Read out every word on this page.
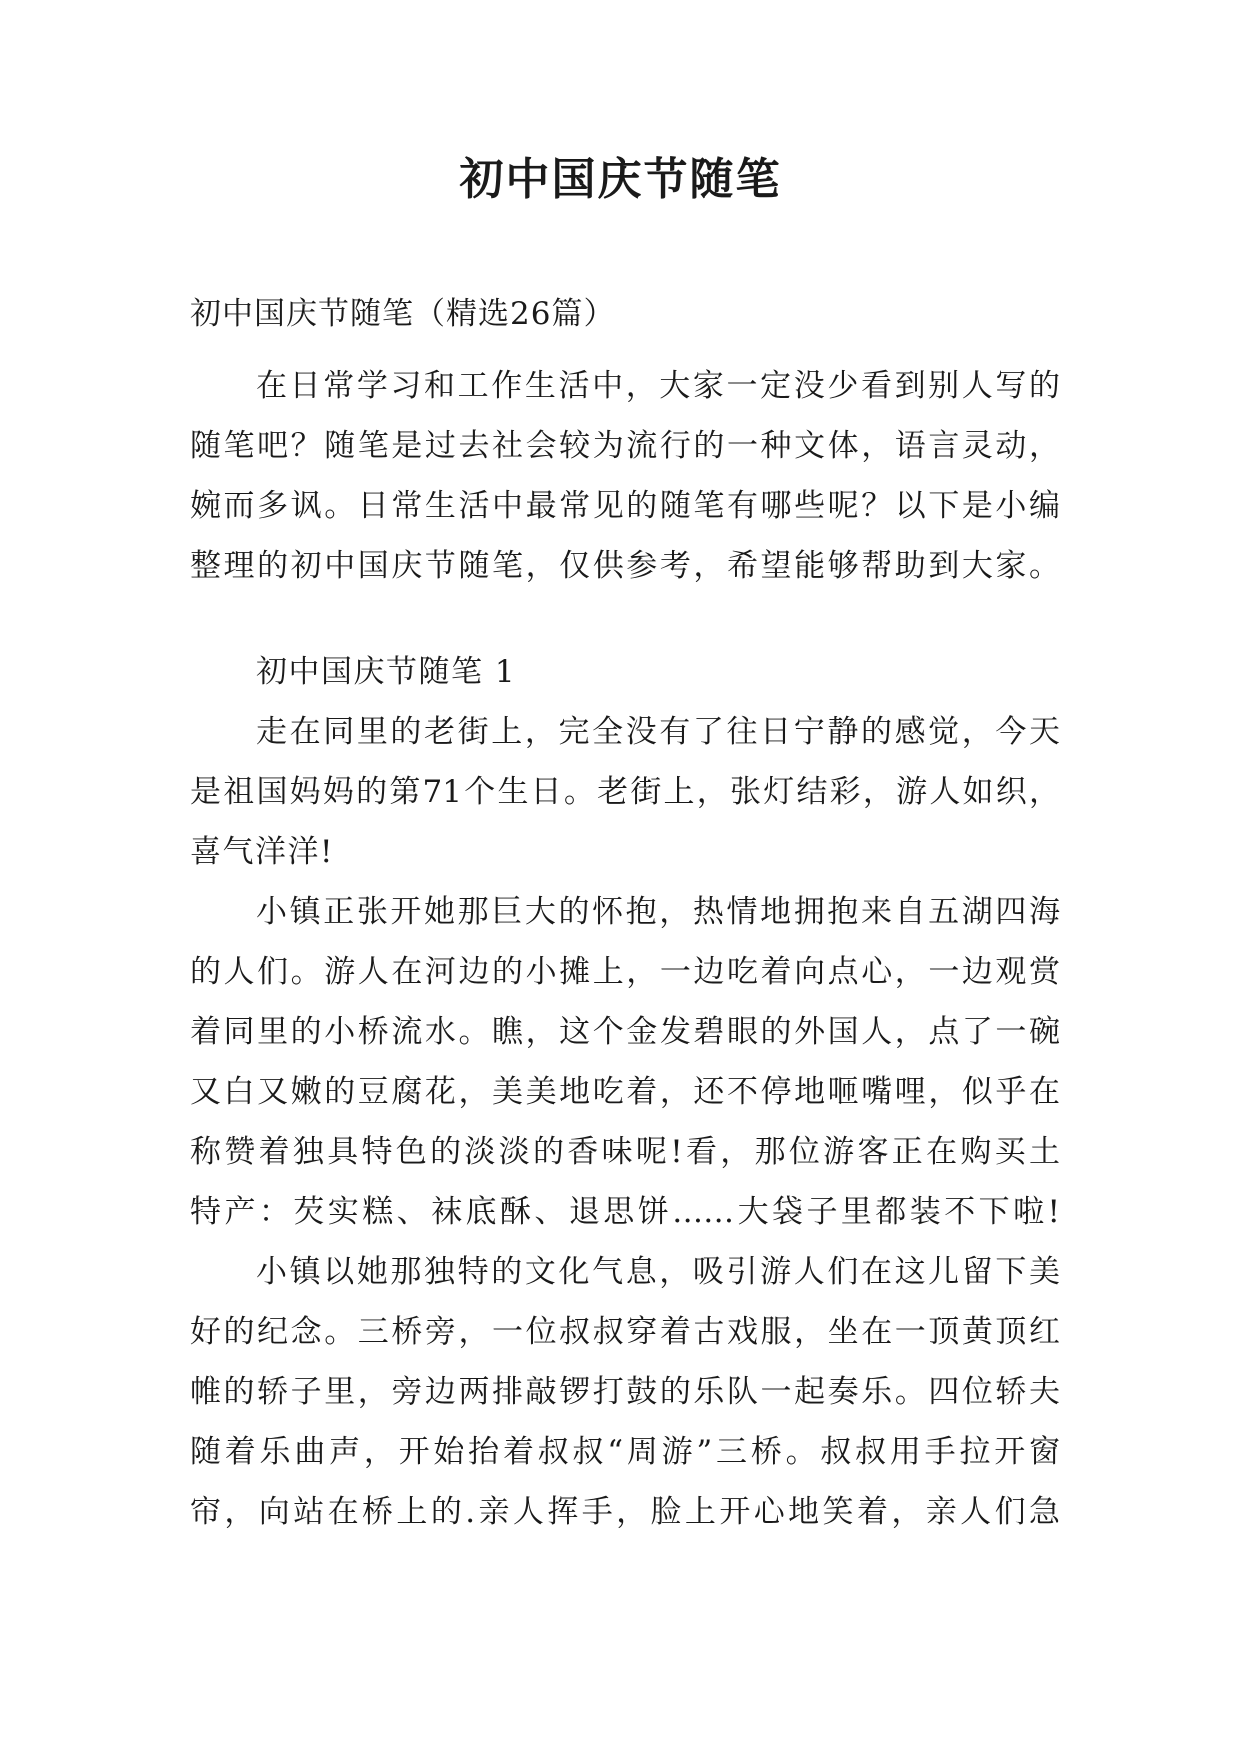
初中国庆节随笔
初中国庆节随笔（精选26篇）
在日常学习和工作生活中，大家一定没少看到别人写的
随笔吧？随笔是过去社会较为流行的一种文体，语言灵动，
婉而多讽。日常生活中最常见的随笔有哪些呢？以下是小编
整理的初中国庆节随笔，仅供参考，希望能够帮助到大家。
初中国庆节随笔 1
走在同里的老街上，完全没有了往日宁静的感觉，今天
是祖国妈妈的第71个生日。老街上，张灯结彩，游人如织，
喜气洋洋!
小镇正张开她那巨大的怀抱，热情地拥抱来自五湖四海
的人们。游人在河边的小摊上，一边吃着向点心，一边观赏
着同里的小桥流水。瞧，这个金发碧眼的外国人，点了一碗
又白又嫩的豆腐花，美美地吃着，还不停地咂嘴哩，似乎在
称赞着独具特色的淡淡的香味呢!看，那位游客正在购买土
特产：芡实糕、袜底酥、退思饼……大袋子里都装不下啦!
小镇以她那独特的文化气息，吸引游人们在这儿留下美
好的纪念。三桥旁，一位叔叔穿着古戏服，坐在一顶黄顶红
帷的轿子里，旁边两排敲锣打鼓的乐队一起奏乐。四位轿夫
随着乐曲声，开始抬着叔叔“周游”三桥。叔叔用手拉开窗
帘，向站在桥上的.亲人挥手，脸上开心地笑着，亲人们急
